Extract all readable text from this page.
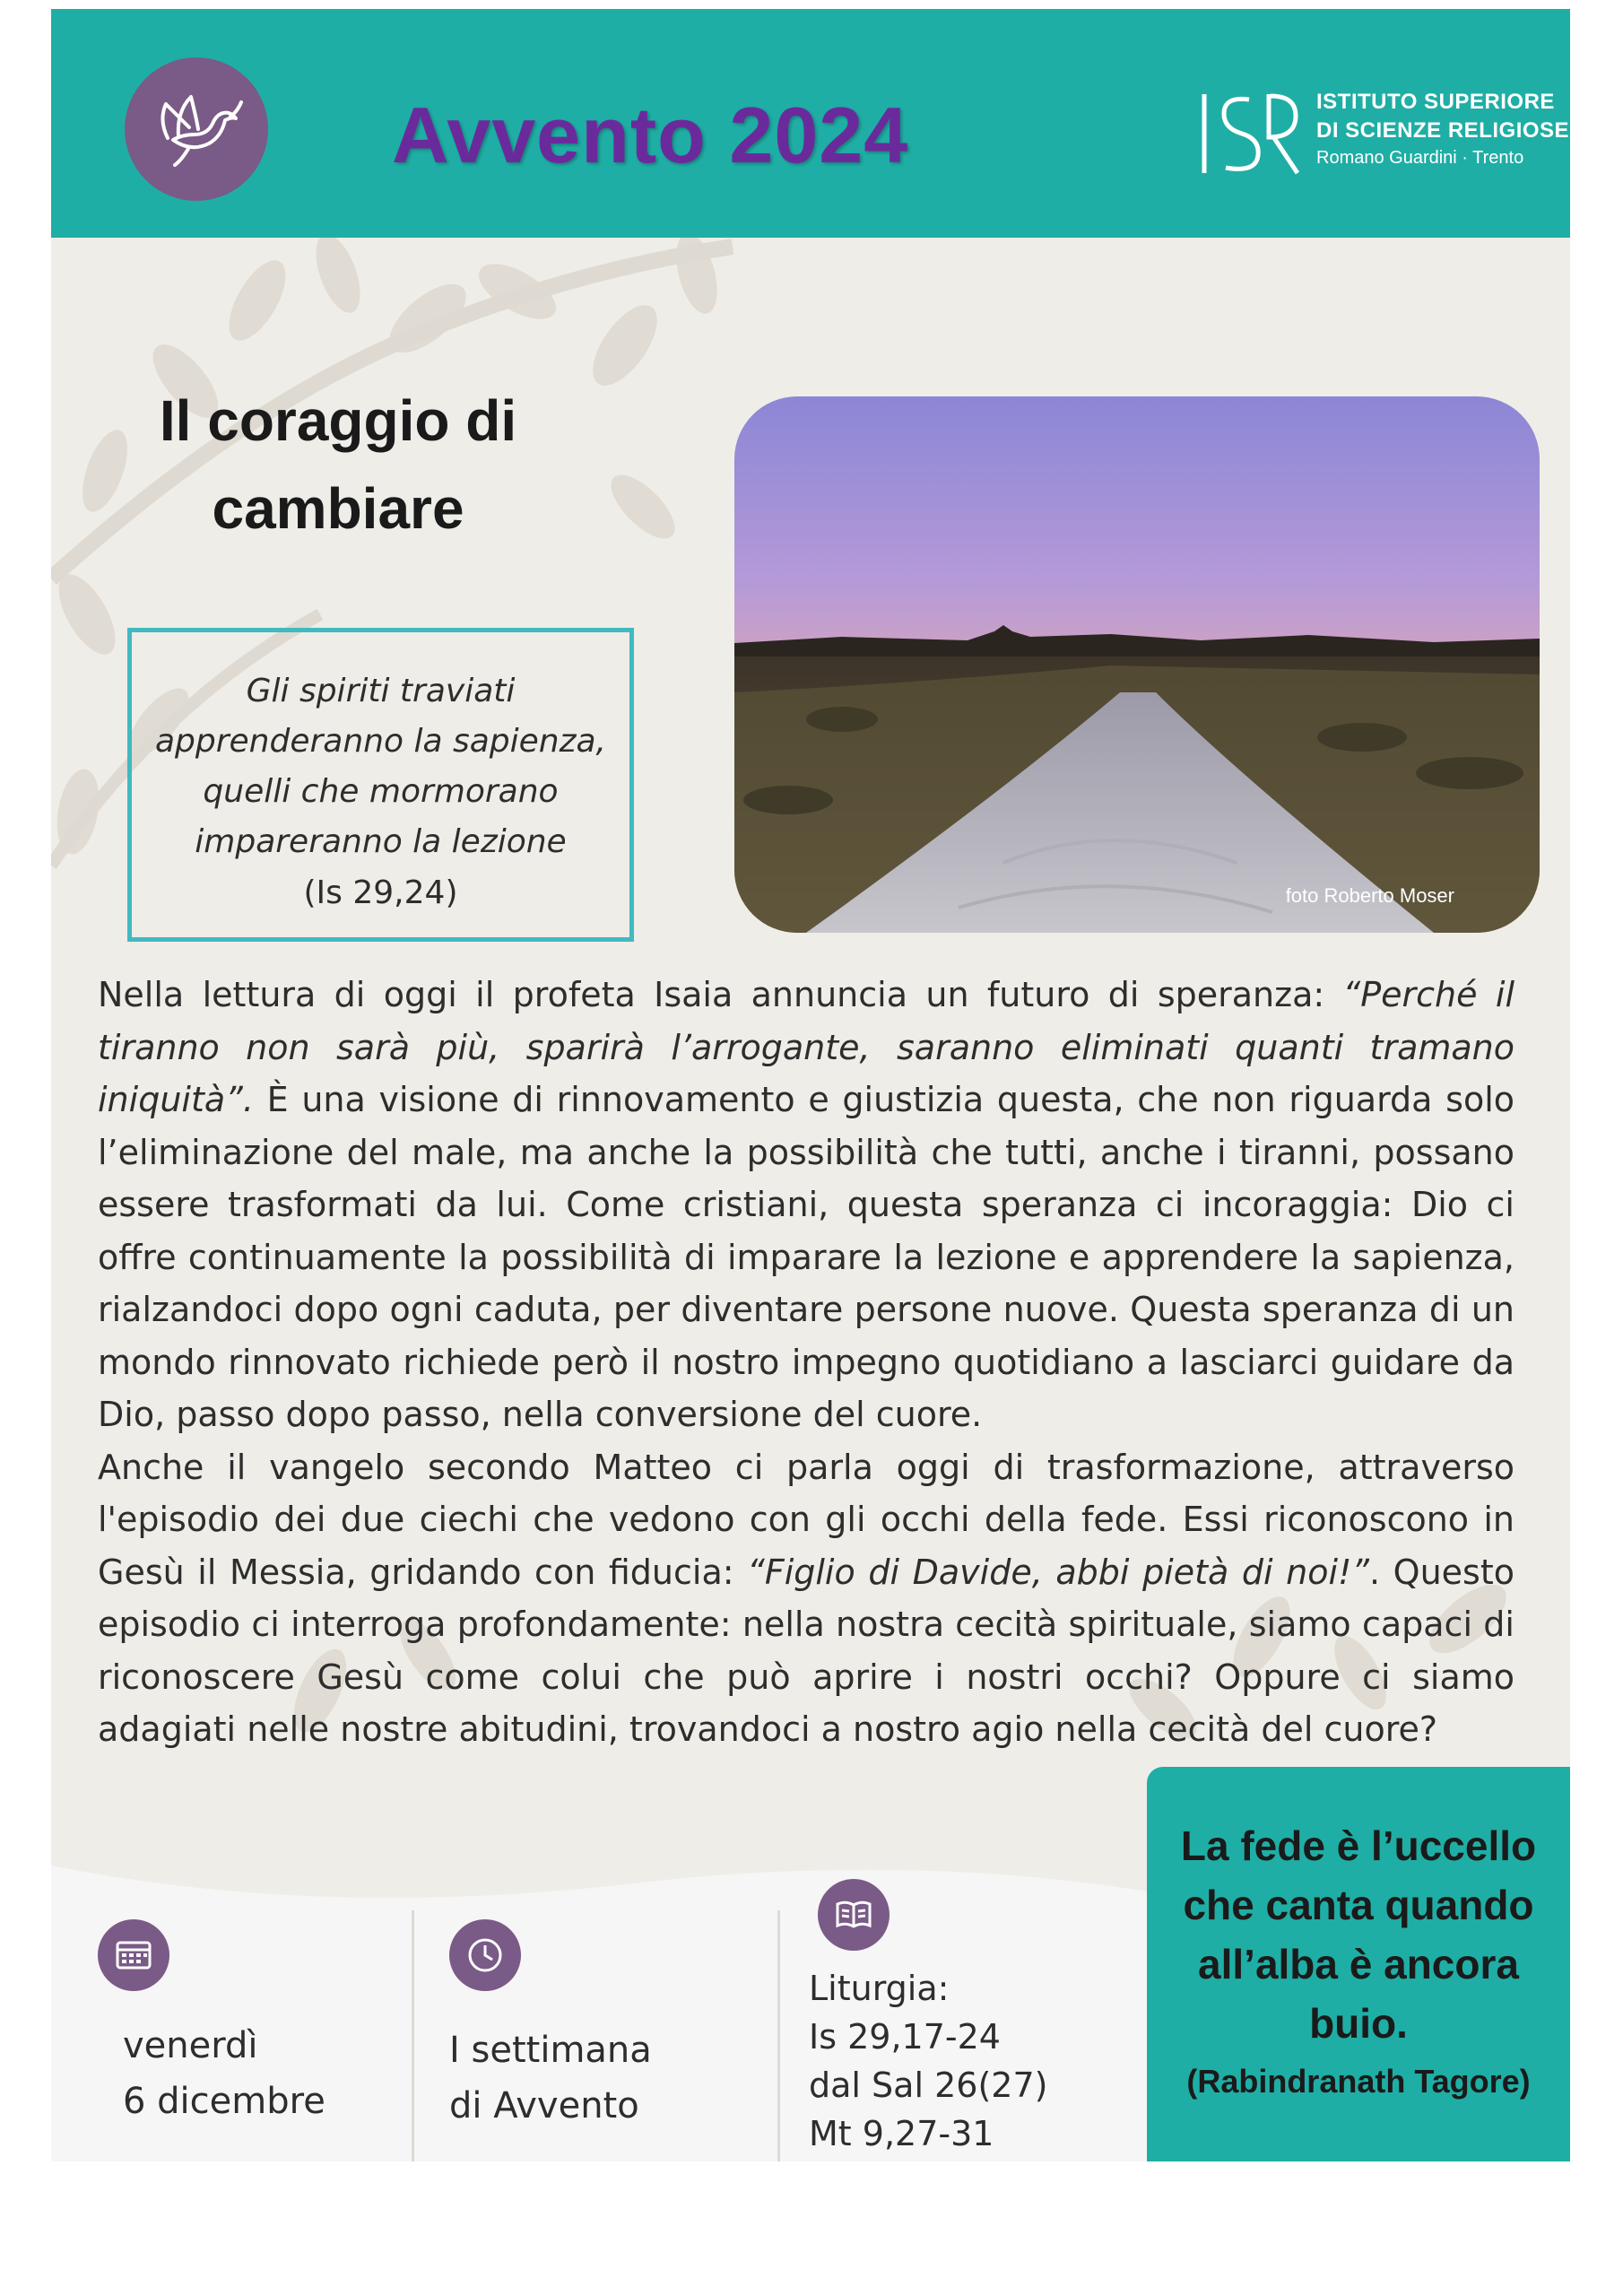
Avvento 2024	ISTITUTO SUPERIORE
DI SCIENZE RELIGIOSE
Romano Guardini · Trento
Il coraggio di
cambiare
Gli spiriti traviati
apprenderanno la sapienza,
quelli che mormorano
impareranno la lezione
(Is 29,24)	foto Roberto Moser

Nella lettura di oggi il profeta Isaia annuncia un futuro di speranza: “Perché il tiranno non sarà più, sparirà l’arrogante, saranno eliminati quanti tramano iniquità”. È una visione di rinnovamento e giustizia questa, che non riguarda solo l’eliminazione del male, ma anche la possibilità che tutti, anche i tiranni, possano essere trasformati da lui. Come cristiani, questa speranza ci incoraggia: Dio ci offre continuamente la possibilità di imparare la lezione e apprendere la sapienza, rialzandoci dopo ogni caduta, per diventare persone nuove. Questa speranza di un mondo rinnovato richiede però il nostro impegno quotidiano a lasciarci guidare da Dio, passo dopo passo, nella conversione del cuore.

Anche il vangelo secondo Matteo ci parla oggi di trasformazione, attraverso l'episodio dei due ciechi che vedono con gli occhi della fede. Essi riconoscono in Gesù il Messia, gridando con fiducia: “Figlio di Davide, abbi pietà di noi!”. Questo episodio ci interroga profondamente: nella nostra cecità spirituale, siamo capaci di riconoscere Gesù come colui che può aprire i nostri occhi? Oppure ci siamo adagiati nelle nostre abitudini, trovandoci a nostro agio nella cecità del cuore?

venerdì
6 dicembre
I settimana
di Avvento
Liturgia:
Is 29,17-24
dal Sal 26(27)
Mt 9,27-31
La fede è l’uccello
che canta quando
all’alba è ancora
buio.
(Rabindranath Tagore)
